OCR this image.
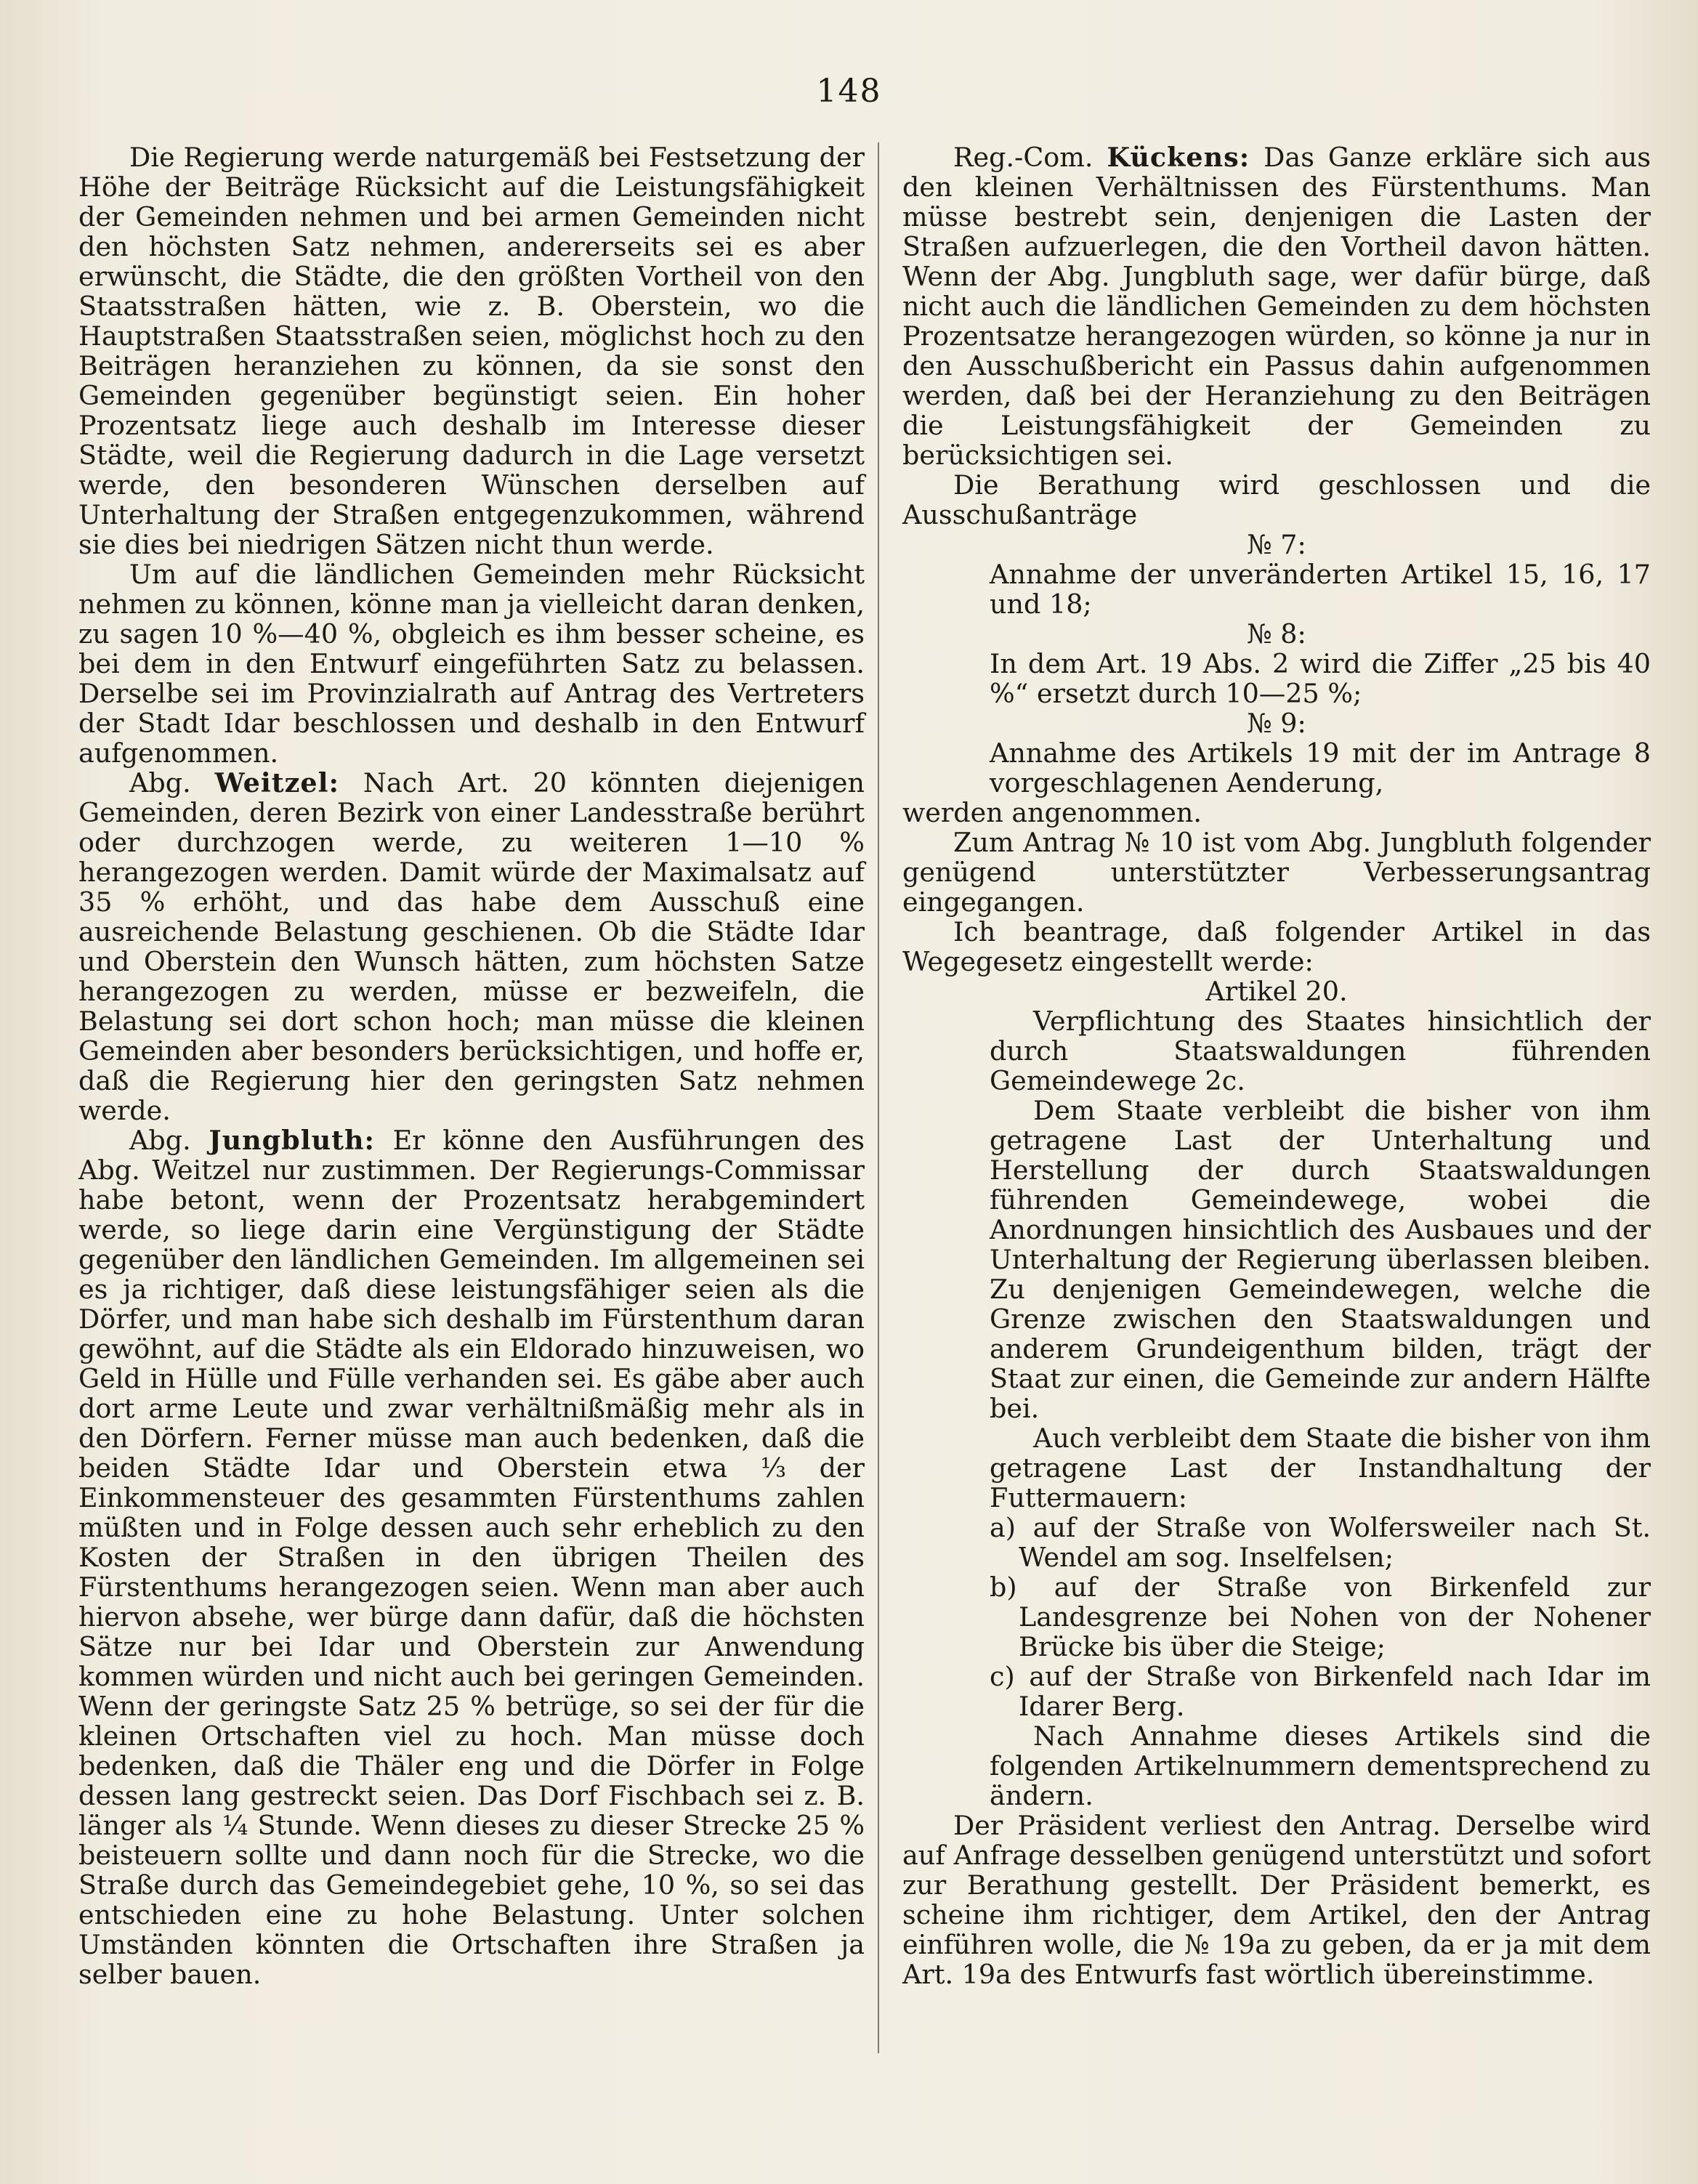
148

Die Regierung werde naturgemäß bei Festsetzung der Höhe der Beiträge Rücksicht auf die Leistungsfähigkeit der Gemeinden nehmen und bei armen Gemeinden nicht den höchsten Satz nehmen, andererseits sei es aber erwünscht, die Städte, die den größten Vortheil von den Staatsstraßen hätten, wie z. B. Oberstein, wo die Hauptstraßen Staatsstraßen seien, möglichst hoch zu den Beiträgen heranziehen zu können, da sie sonst den Gemeinden gegenüber begünstigt seien. Ein hoher Prozentsatz liege auch deshalb im Interesse dieser Städte, weil die Regierung dadurch in die Lage versetzt werde, den besonderen Wünschen derselben auf Unterhaltung der Straßen entgegenzukommen, während sie dies bei niedrigen Sätzen nicht thun werde.

Um auf die ländlichen Gemeinden mehr Rücksicht nehmen zu können, könne man ja vielleicht daran denken, zu sagen 10 %—40 %, obgleich es ihm besser scheine, es bei dem in den Entwurf eingeführten Satz zu belassen. Derselbe sei im Provinzialrath auf Antrag des Vertreters der Stadt Idar beschlossen und deshalb in den Entwurf aufgenommen.

Abg. Weitzel: Nach Art. 20 könnten diejenigen Gemeinden, deren Bezirk von einer Landesstraße berührt oder durchzogen werde, zu weiteren 1—10 % herangezogen werden. Damit würde der Maximalsatz auf 35 % erhöht, und das habe dem Ausschuß eine ausreichende Belastung geschienen. Ob die Städte Idar und Oberstein den Wunsch hätten, zum höchsten Satze herangezogen zu werden, müsse er bezweifeln, die Belastung sei dort schon hoch; man müsse die kleinen Gemeinden aber besonders berücksichtigen, und hoffe er, daß die Regierung hier den geringsten Satz nehmen werde.

Abg. Jungbluth: Er könne den Ausführungen des Abg. Weitzel nur zustimmen. Der Regierungs-Commissar habe betont, wenn der Prozentsatz herabgemindert werde, so liege darin eine Vergünstigung der Städte gegenüber den ländlichen Gemeinden. Im allgemeinen sei es ja richtiger, daß diese leistungsfähiger seien als die Dörfer, und man habe sich deshalb im Fürstenthum daran gewöhnt, auf die Städte als ein Eldorado hinzuweisen, wo Geld in Hülle und Fülle verhanden sei. Es gäbe aber auch dort arme Leute und zwar verhältnißmäßig mehr als in den Dörfern. Ferner müsse man auch bedenken, daß die beiden Städte Idar und Oberstein etwa ⅓ der Einkommensteuer des gesammten Fürstenthums zahlen müßten und in Folge dessen auch sehr erheblich zu den Kosten der Straßen in den übrigen Theilen des Fürstenthums herangezogen seien. Wenn man aber auch hiervon absehe, wer bürge dann dafür, daß die höchsten Sätze nur bei Idar und Oberstein zur Anwendung kommen würden und nicht auch bei geringen Gemeinden. Wenn der geringste Satz 25 % betrüge, so sei der für die kleinen Ortschaften viel zu hoch. Man müsse doch bedenken, daß die Thäler eng und die Dörfer in Folge dessen lang gestreckt seien. Das Dorf Fischbach sei z. B. länger als ¼ Stunde. Wenn dieses zu dieser Strecke 25 % beisteuern sollte und dann noch für die Strecke, wo die Straße durch das Gemeindegebiet gehe, 10 %, so sei das entschieden eine zu hohe Belastung. Unter solchen Umständen könnten die Ortschaften ihre Straßen ja selber bauen.

Reg.-Com. Kückens: Das Ganze erkläre sich aus den kleinen Verhältnissen des Fürstenthums. Man müsse bestrebt sein, denjenigen die Lasten der Straßen aufzuerlegen, die den Vortheil davon hätten. Wenn der Abg. Jungbluth sage, wer dafür bürge, daß nicht auch die ländlichen Gemeinden zu dem höchsten Prozentsatze herangezogen würden, so könne ja nur in den Ausschußbericht ein Passus dahin aufgenommen werden, daß bei der Heranziehung zu den Beiträgen die Leistungsfähigkeit der Gemeinden zu berücksichtigen sei.

Die Berathung wird geschlossen und die Ausschußanträge

№ 7:

Annahme der unveränderten Artikel 15, 16, 17 und 18;

№ 8:

In dem Art. 19 Abs. 2 wird die Ziffer „25 bis 40 %“ ersetzt durch 10—25 %;

№ 9:

Annahme des Artikels 19 mit der im Antrage 8 vorgeschlagenen Aenderung,

werden angenommen.

Zum Antrag № 10 ist vom Abg. Jungbluth folgender genügend unterstützter Verbesserungsantrag eingegangen.

Ich beantrage, daß folgender Artikel in das Wegegesetz eingestellt werde:

Artikel 20.

Verpflichtung des Staates hinsichtlich der durch Staatswaldungen führenden Gemeindewege 2c.

Dem Staate verbleibt die bisher von ihm getragene Last der Unterhaltung und Herstellung der durch Staatswaldungen führenden Gemeindewege, wobei die Anordnungen hinsichtlich des Ausbaues und der Unterhaltung der Regierung überlassen bleiben. Zu denjenigen Gemeindewegen, welche die Grenze zwischen den Staatswaldungen und anderem Grundeigenthum bilden, trägt der Staat zur einen, die Gemeinde zur andern Hälfte bei.

Auch verbleibt dem Staate die bisher von ihm getragene Last der Instandhaltung der Futtermauern:

a) auf der Straße von Wolfersweiler nach St. Wendel am sog. Inselfelsen;

b) auf der Straße von Birkenfeld zur Landesgrenze bei Nohen von der Nohener Brücke bis über die Steige;

c) auf der Straße von Birkenfeld nach Idar im Idarer Berg.

Nach Annahme dieses Artikels sind die folgenden Artikelnummern dementsprechend zu ändern.

Der Präsident verliest den Antrag. Derselbe wird auf Anfrage desselben genügend unterstützt und sofort zur Berathung gestellt. Der Präsident bemerkt, es scheine ihm richtiger, dem Artikel, den der Antrag einführen wolle, die № 19a zu geben, da er ja mit dem Art. 19a des Entwurfs fast wörtlich übereinstimme.
